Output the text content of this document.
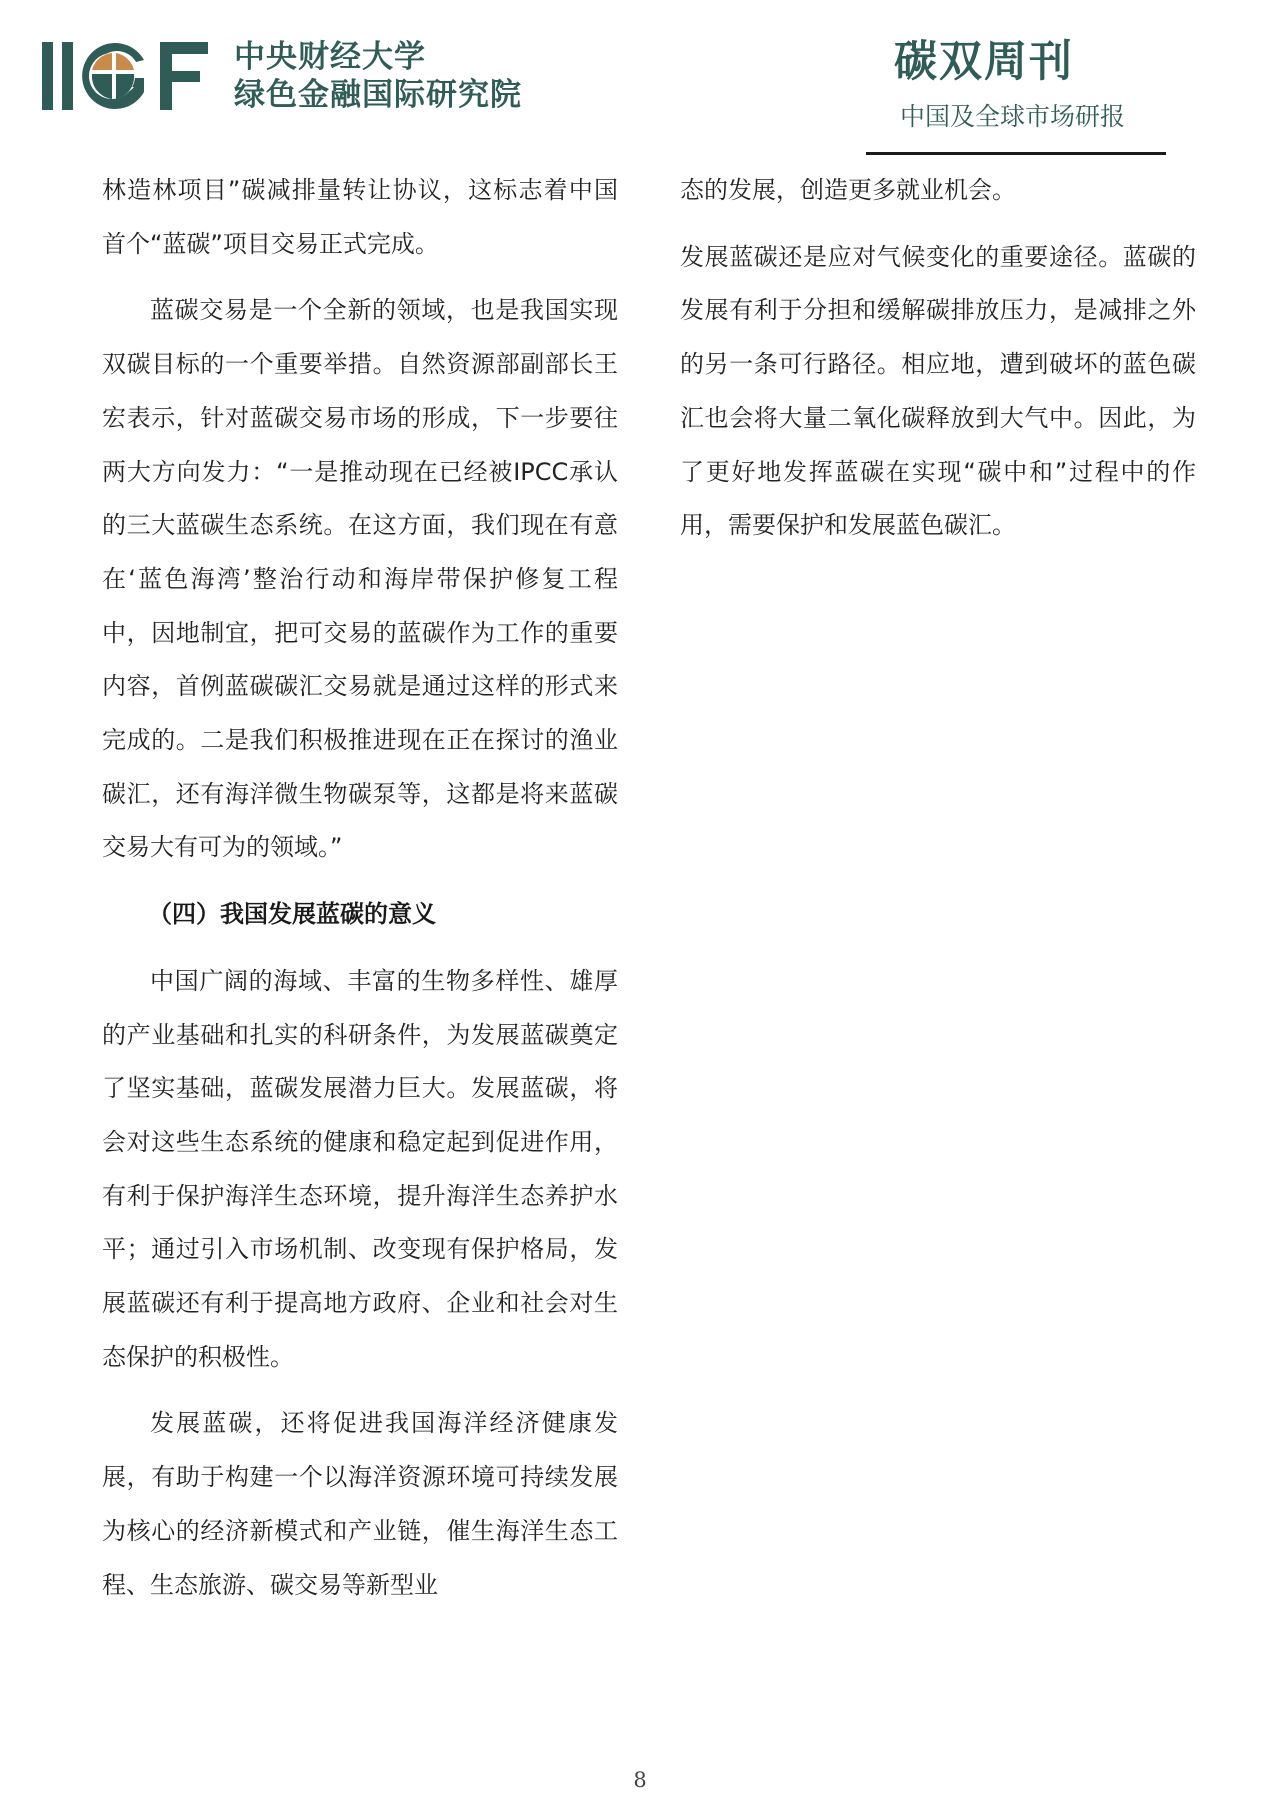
中央财经大学
绿色金融国际研究院
碳双周刊
中国及全球市场研报

林造林项目”碳减排量转让协议，这标志着中国首个“蓝碳”项目交易正式完成。

蓝碳交易是一个全新的领域，也是我国实现双碳目标的一个重要举措。自然资源部副部长王宏表示，针对蓝碳交易市场的形成，下一步要往两大方向发力：“一是推动现在已经被IPCC承认的三大蓝碳生态系统。在这方面，我们现在有意在‘蓝色海湾’整治行动和海岸带保护修复工程中，因地制宜，把可交易的蓝碳作为工作的重要内容，首例蓝碳碳汇交易就是通过这样的形式来完成的。二是我们积极推进现在正在探讨的渔业碳汇，还有海洋微生物碳泵等，这都是将来蓝碳交易大有可为的领域。”

（四）我国发展蓝碳的意义

中国广阔的海域、丰富的生物多样性、雄厚的产业基础和扎实的科研条件，为发展蓝碳奠定了坚实基础，蓝碳发展潜力巨大。发展蓝碳，将会对这些生态系统的健康和稳定起到促进作用，有利于保护海洋生态环境，提升海洋生态养护水平；通过引入市场机制、改变现有保护格局，发展蓝碳还有利于提高地方政府、企业和社会对生态保护的积极性。

发展蓝碳，还将促进我国海洋经济健康发展，有助于构建一个以海洋资源环境可持续发展为核心的经济新模式和产业链，催生海洋生态工程、生态旅游、碳交易等新型业

态的发展，创造更多就业机会。

发展蓝碳还是应对气候变化的重要途径。蓝碳的发展有利于分担和缓解碳排放压力，是减排之外的另一条可行路径。相应地，遭到破坏的蓝色碳汇也会将大量二氧化碳释放到大气中。因此，为了更好地发挥蓝碳在实现“碳中和”过程中的作用，需要保护和发展蓝色碳汇。

8
